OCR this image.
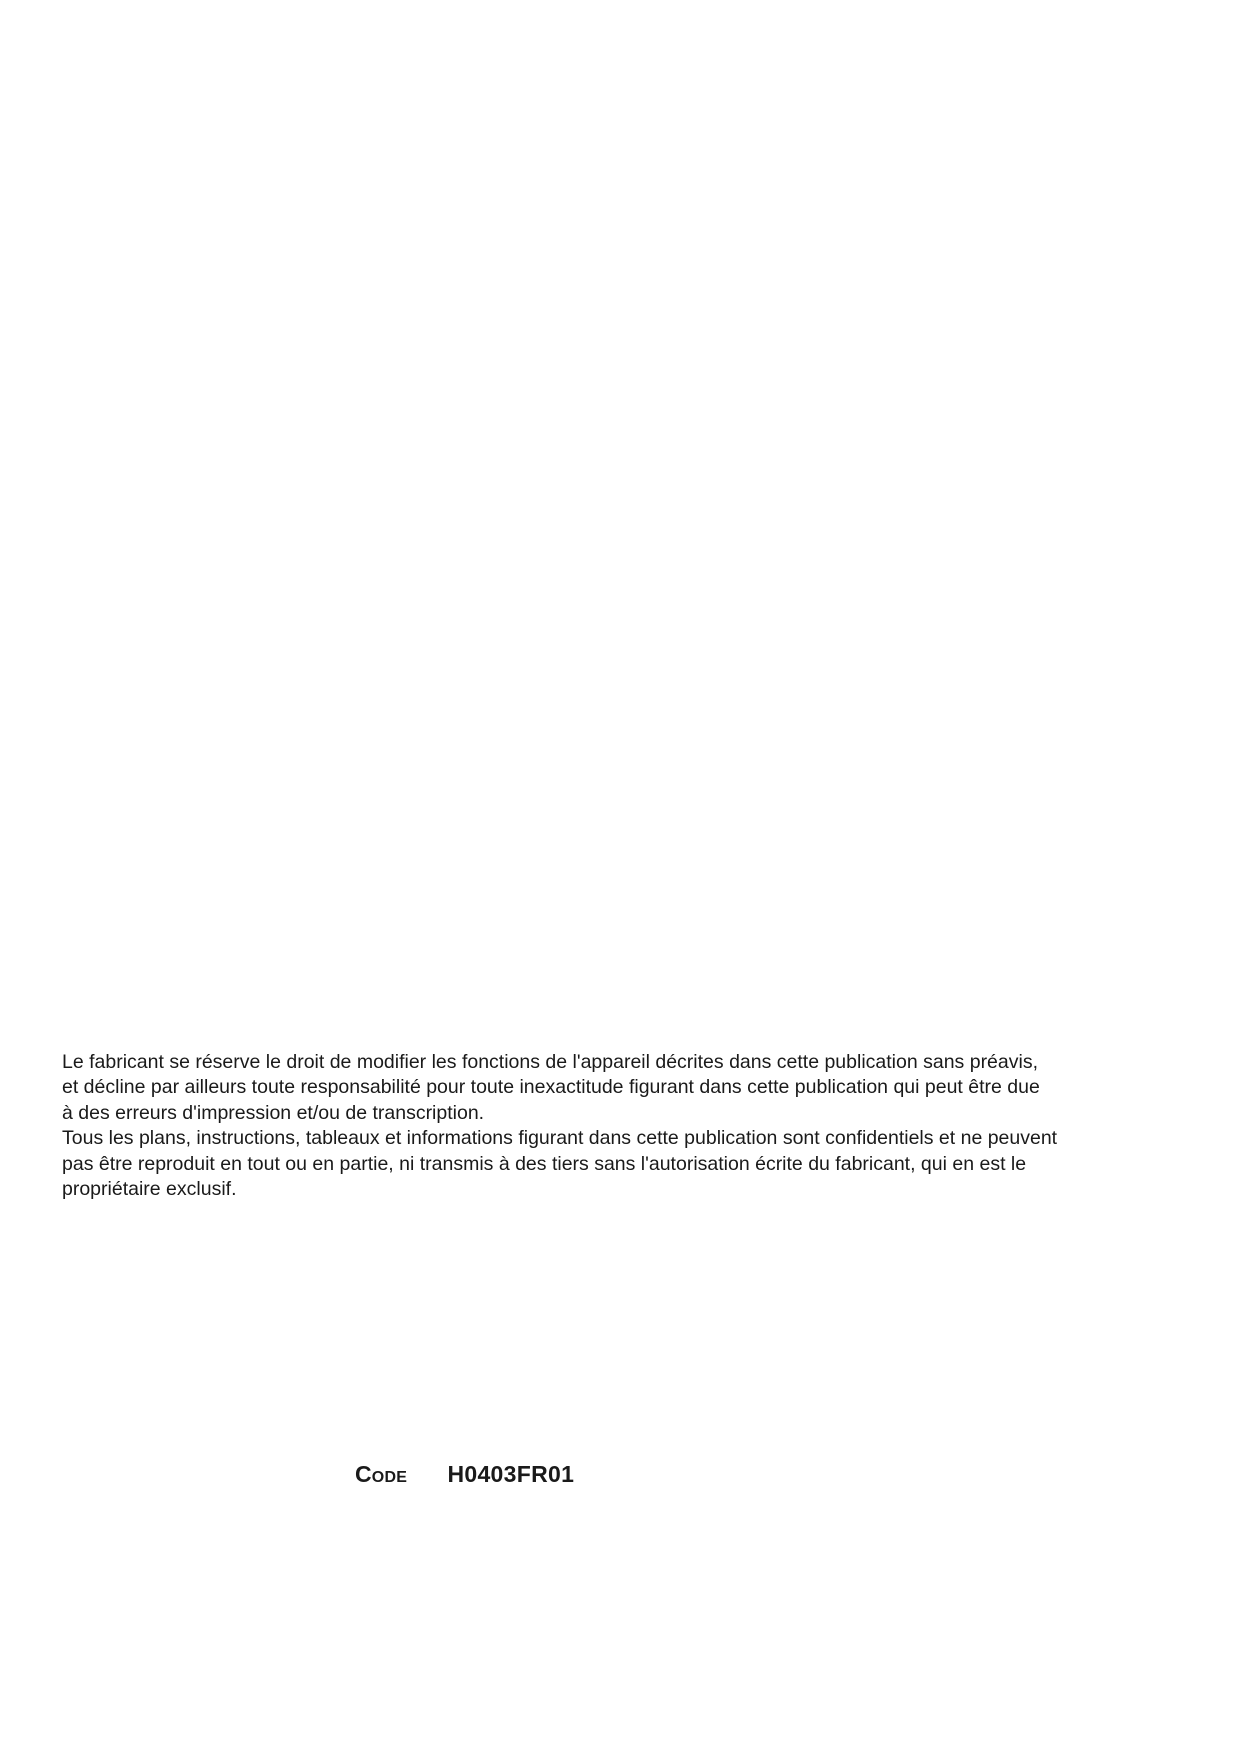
Le fabricant se réserve le droit de modifier les fonctions de l'appareil décrites dans cette publication sans préavis,
et décline par ailleurs toute responsabilité pour toute inexactitude figurant dans cette publication qui peut être due
à des erreurs d'impression et/ou de transcription.
Tous les plans, instructions, tableaux et informations figurant dans cette publication sont confidentiels et ne peuvent
pas être reproduit en tout ou en partie, ni transmis à des tiers sans l'autorisation écrite du fabricant, qui en est le
propriétaire exclusif.
Code H0403FR01
